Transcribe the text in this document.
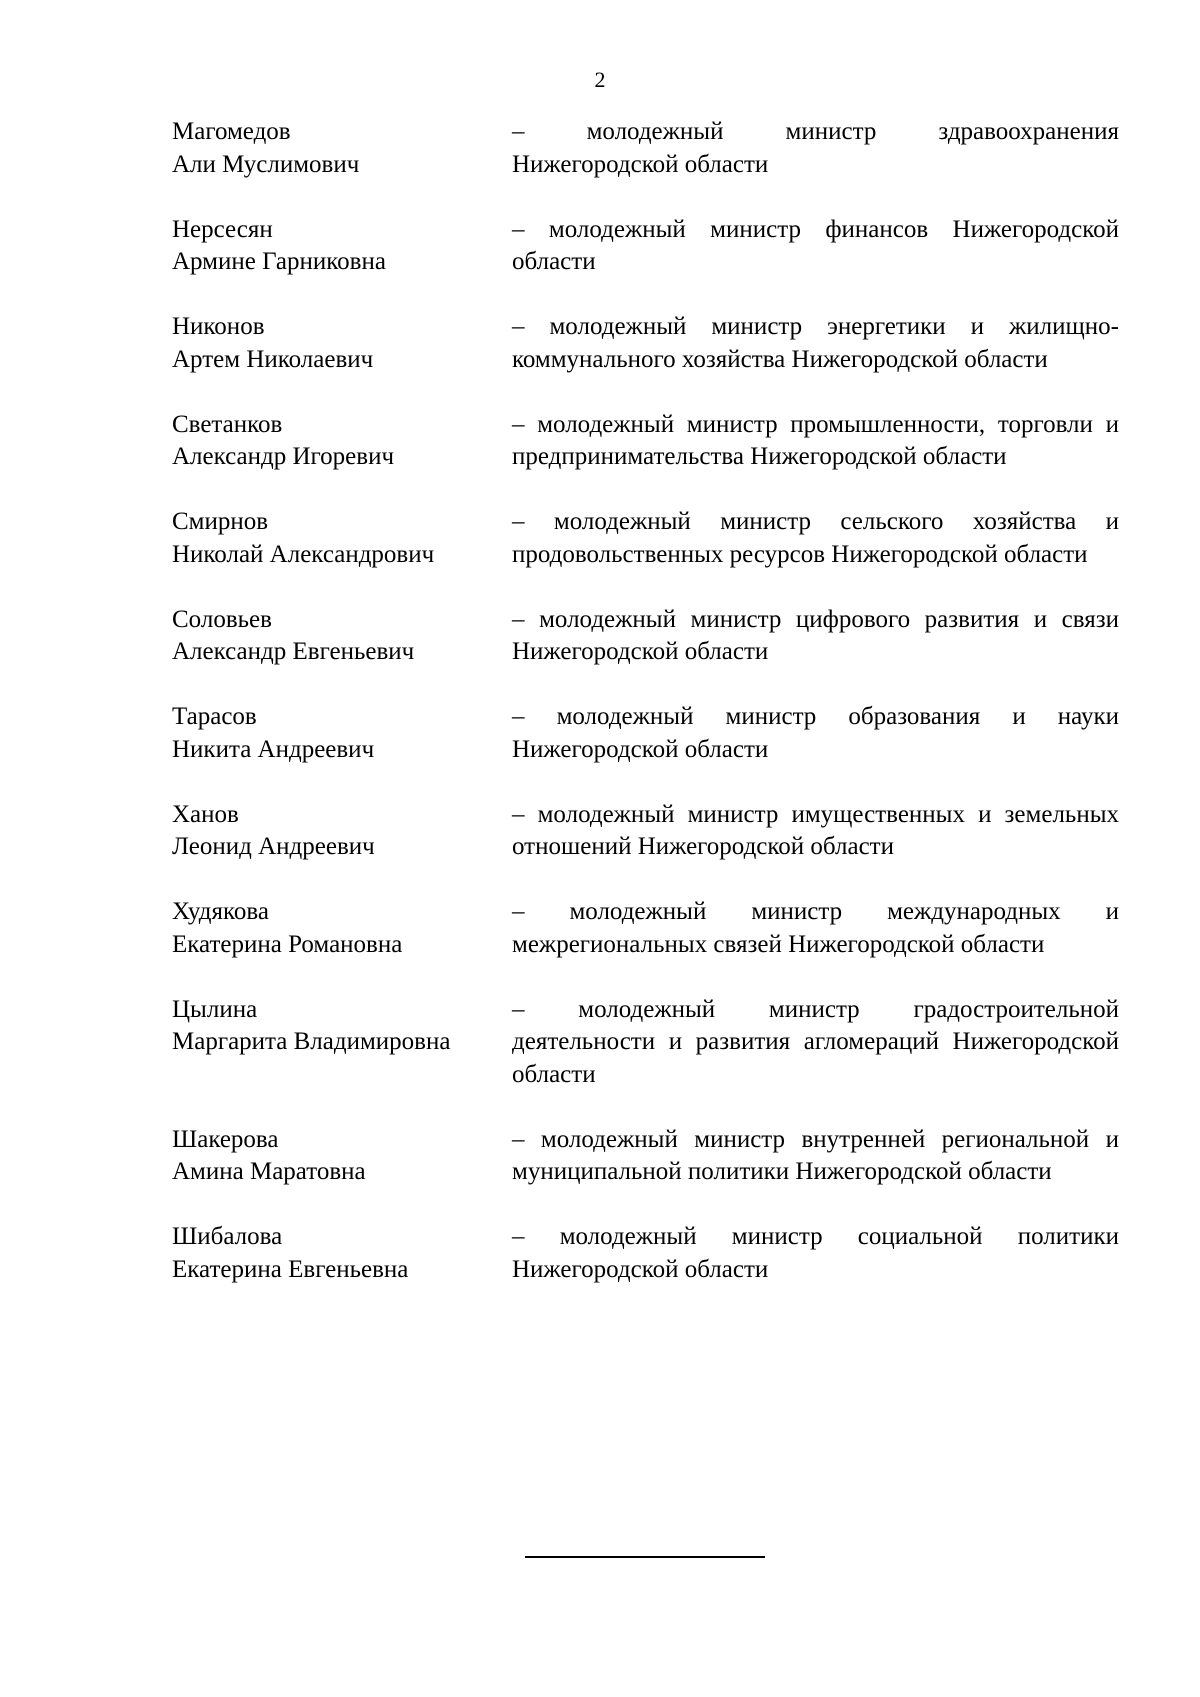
2
Магомедов
Али Муслимович
– молодежный министр здравоохранения Нижегородской области
Нерсесян
Армине Гарниковна
– молодежный министр финансов Нижегородской области
Никонов
Артем Николаевич
– молодежный министр энергетики и жилищно-коммунального хозяйства Нижегородской области
Светанков
Александр Игоревич
– молодежный министр промышленности, торговли и предпринимательства Нижегородской области
Смирнов
Николай Александрович
– молодежный министр сельского хозяйства и продовольственных ресурсов Нижегородской области
Соловьев
Александр Евгеньевич
– молодежный министр цифрового развития и связи Нижегородской области
Тарасов
Никита Андреевич
– молодежный министр образования и науки Нижегородской области
Ханов
Леонид Андреевич
– молодежный министр имущественных и земельных отношений Нижегородской области
Худякова
Екатерина Романовна
– молодежный министр международных и межрегиональных связей Нижегородской области
Цылина
Маргарита Владимировна
– молодежный министр градостроительной деятельности и развития агломераций Нижегородской области
Шакерова
Амина Маратовна
– молодежный министр внутренней региональной и муниципальной политики Нижегородской области
Шибалова
Екатерина Евгеньевна
– молодежный министр социальной политики Нижегородской области
